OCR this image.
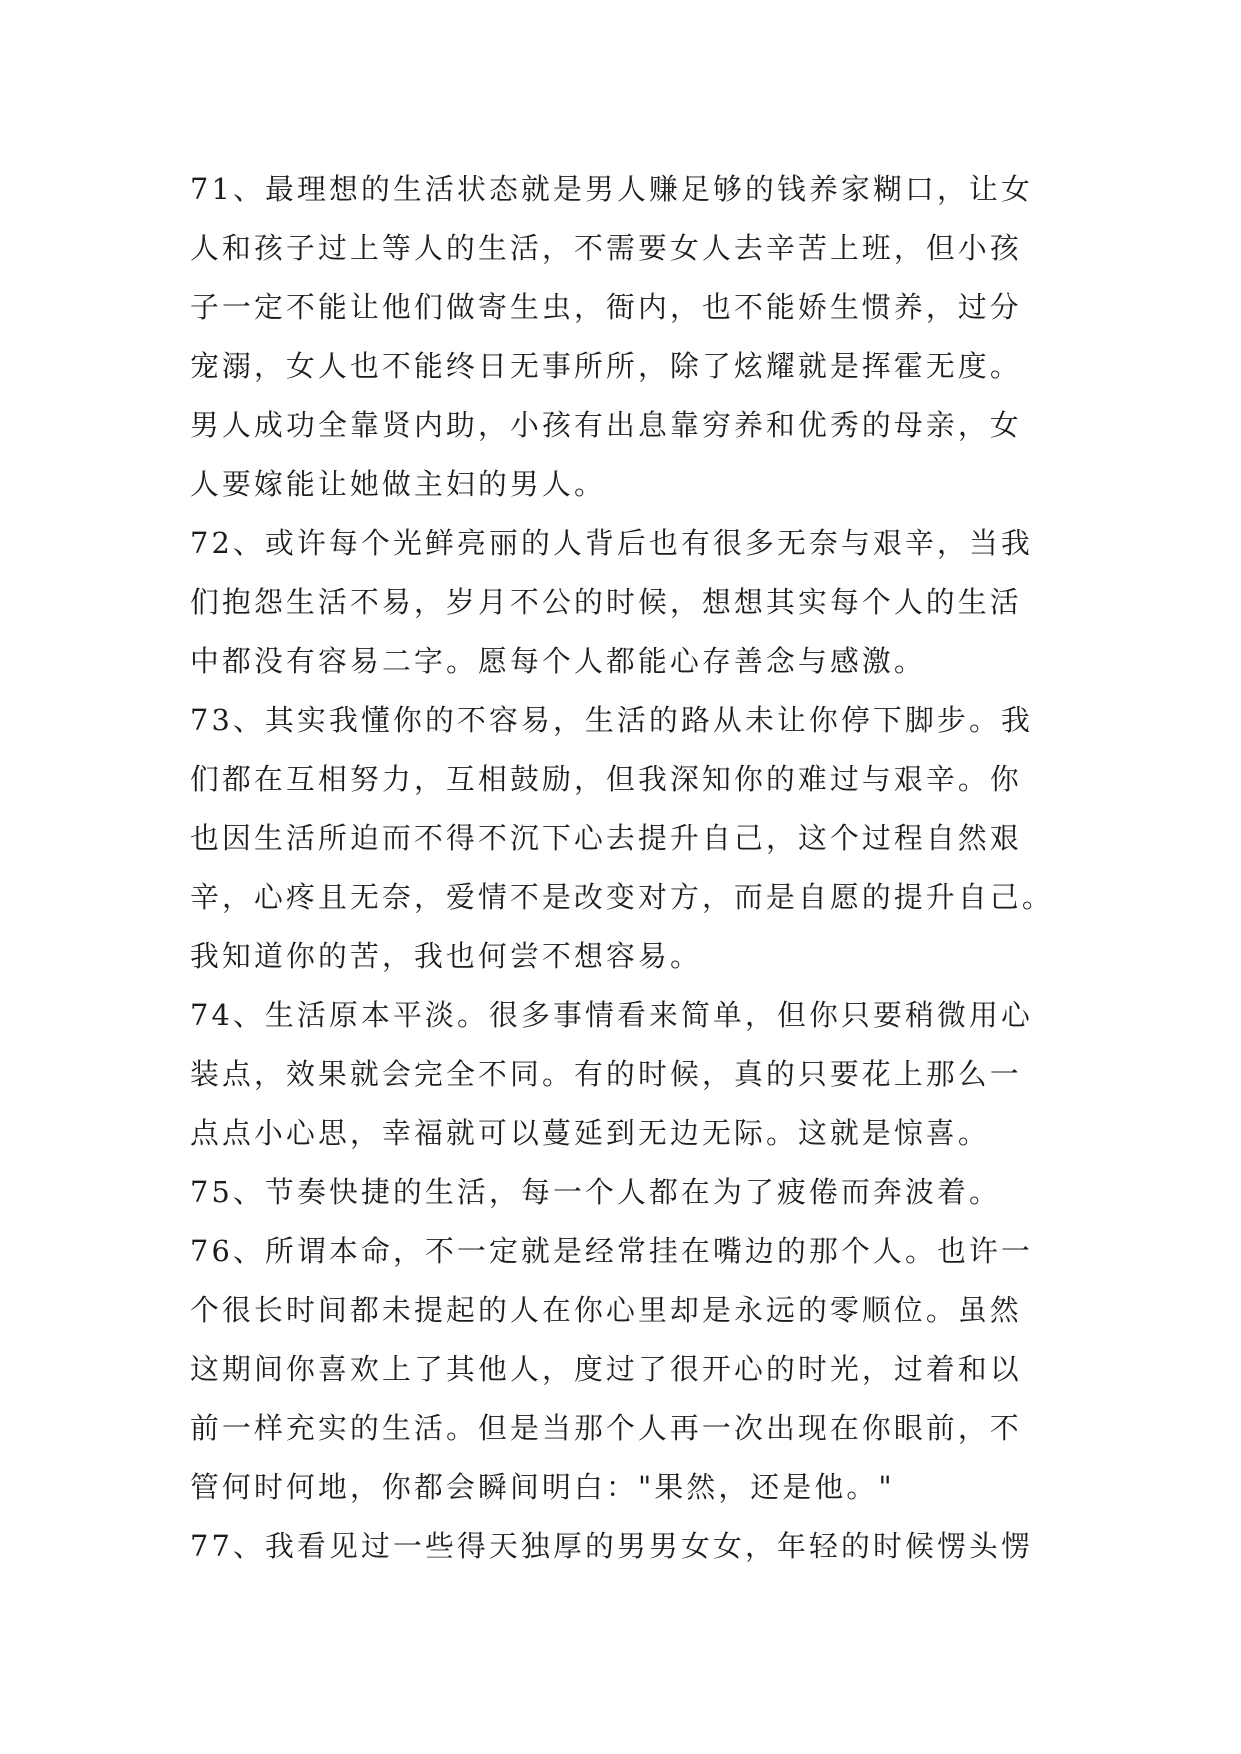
71、最理想的生活状态就是男人赚足够的钱养家糊口，让女
人和孩子过上等人的生活，不需要女人去辛苦上班，但小孩
子一定不能让他们做寄生虫，衙内，也不能娇生惯养，过分
宠溺，女人也不能终日无事所所，除了炫耀就是挥霍无度。
男人成功全靠贤内助，小孩有出息靠穷养和优秀的母亲，女
人要嫁能让她做主妇的男人。
72、或许每个光鲜亮丽的人背后也有很多无奈与艰辛，当我
们抱怨生活不易，岁月不公的时候，想想其实每个人的生活
中都没有容易二字。愿每个人都能心存善念与感激。
73、其实我懂你的不容易，生活的路从未让你停下脚步。我
们都在互相努力，互相鼓励，但我深知你的难过与艰辛。你
也因生活所迫而不得不沉下心去提升自己，这个过程自然艰
辛，心疼且无奈，爱情不是改变对方，而是自愿的提升自己。
我知道你的苦，我也何尝不想容易。
74、生活原本平淡。很多事情看来简单，但你只要稍微用心
装点，效果就会完全不同。有的时候，真的只要花上那么一
点点小心思，幸福就可以蔓延到无边无际。这就是惊喜。
75、节奏快捷的生活，每一个人都在为了疲倦而奔波着。
76、所谓本命，不一定就是经常挂在嘴边的那个人。也许一
个很长时间都未提起的人在你心里却是永远的零顺位。虽然
这期间你喜欢上了其他人，度过了很开心的时光，过着和以
前一样充实的生活。但是当那个人再一次出现在你眼前，不
管何时何地，你都会瞬间明白："果然，还是他。"
77、我看见过一些得天独厚的男男女女，年轻的时候愣头愣
